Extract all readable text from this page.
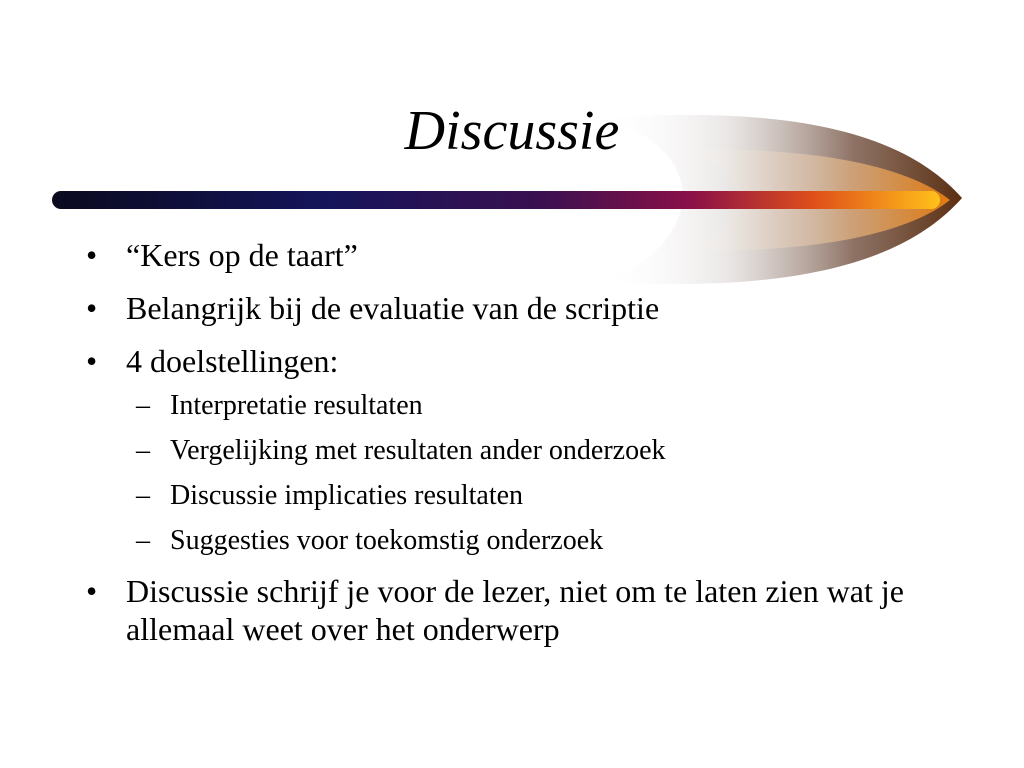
Discussie
• “Kers op de taart”
• Belangrijk bij de evaluatie van de scriptie
• 4 doelstellingen:
– Interpretatie resultaten
– Vergelijking met resultaten ander onderzoek
– Discussie implicaties resultaten
– Suggesties voor toekomstig onderzoek
• Discussie schrijf je voor de lezer, niet om te laten zien wat je allemaal weet over het onderwerp
